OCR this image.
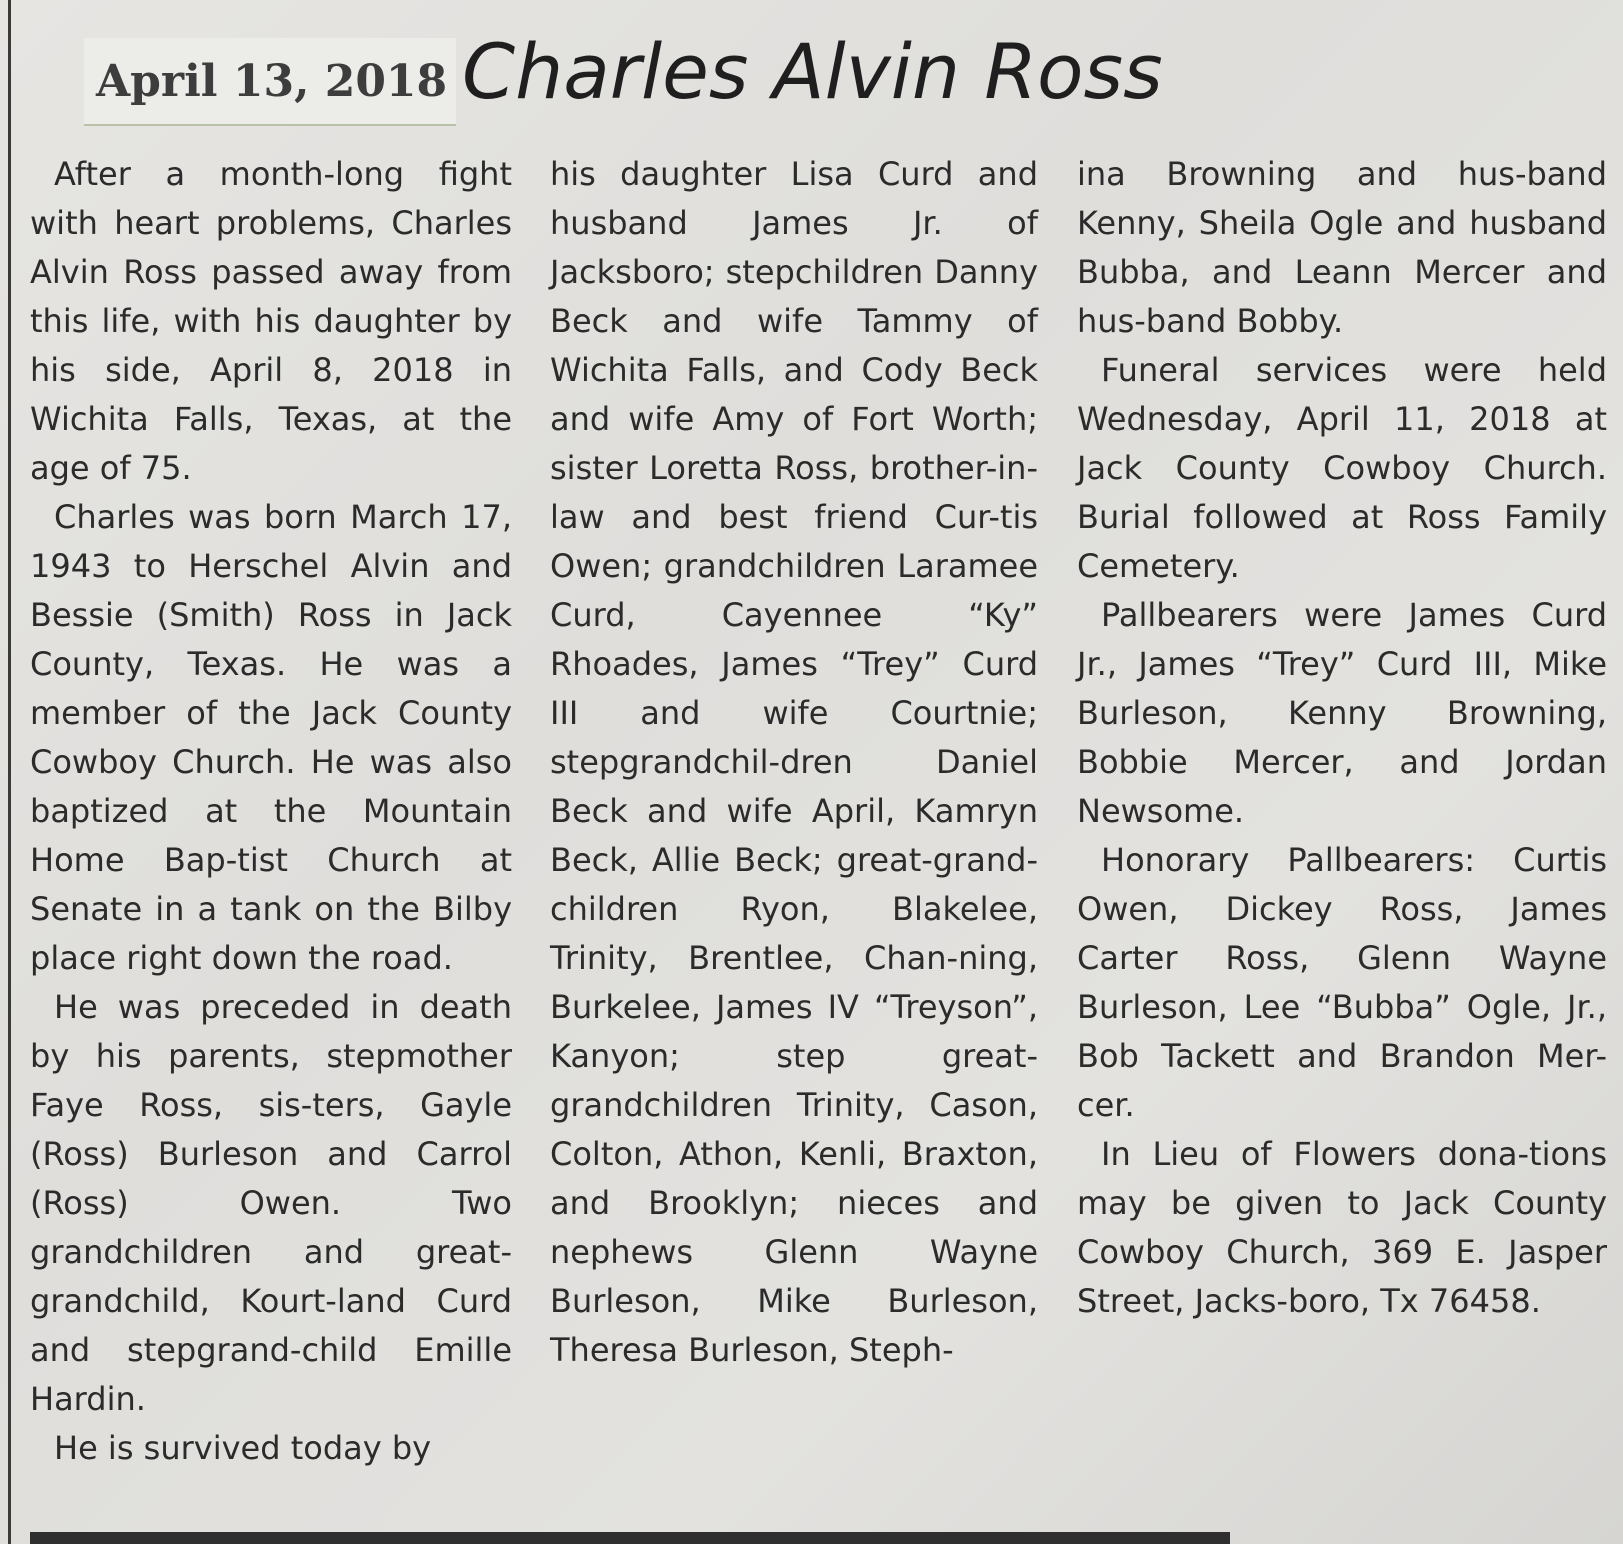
April 13, 2018 Charles Alvin Ross

After a month-long fight with heart problems, Charles Alvin Ross passed away from this life, with his daughter by his side, April 8, 2018 in Wichita Falls, Texas, at the age of 75.

Charles was born March 17, 1943 to Herschel Alvin and Bessie (Smith) Ross in Jack County, Texas. He was a member of the Jack County Cowboy Church. He was also baptized at the Mountain Home Bap-tist Church at Senate in a tank on the Bilby place right down the road.

He was preceded in death by his parents, stepmother Faye Ross, sis-ters, Gayle (Ross) Burleson and Carrol (Ross) Owen. Two grandchildren and great-grandchild, Kourt-land Curd and stepgrand-child Emille Hardin.

He is survived today by

his daughter Lisa Curd and husband James Jr. of Jacksboro; stepchildren Danny Beck and wife Tammy of Wichita Falls, and Cody Beck and wife Amy of Fort Worth; sister Loretta Ross, brother-in-law and best friend Cur-tis Owen; grandchildren Laramee Curd, Cayennee “Ky” Rhoades, James “Trey” Curd III and wife Courtnie; stepgrandchil-dren Daniel Beck and wife April, Kamryn Beck, Allie Beck; great-grand-children Ryon, Blakelee, Trinity, Brentlee, Chan-ning, Burkelee, James IV “Treyson”, Kanyon; step great-grandchildren Trinity, Cason, Colton, Athon, Kenli, Braxton, and Brooklyn; nieces and nephews Glenn Wayne Burleson, Mike Burleson, Theresa Burleson, Steph-

ina Browning and hus-band Kenny, Sheila Ogle and husband Bubba, and Leann Mercer and hus-band Bobby.

Funeral services were held Wednesday, April 11, 2018 at Jack County Cowboy Church. Burial followed at Ross Family Cemetery.

Pallbearers were James Curd Jr., James “Trey” Curd III, Mike Burleson, Kenny Browning, Bobbie Mercer, and Jordan Newsome.

Honorary Pallbearers: Curtis Owen, Dickey Ross, James Carter Ross, Glenn Wayne Burleson, Lee “Bubba” Ogle, Jr., Bob Tackett and Brandon Mer-cer.

In Lieu of Flowers dona-tions may be given to Jack County Cowboy Church, 369 E. Jasper Street, Jacks-boro, Tx 76458.
